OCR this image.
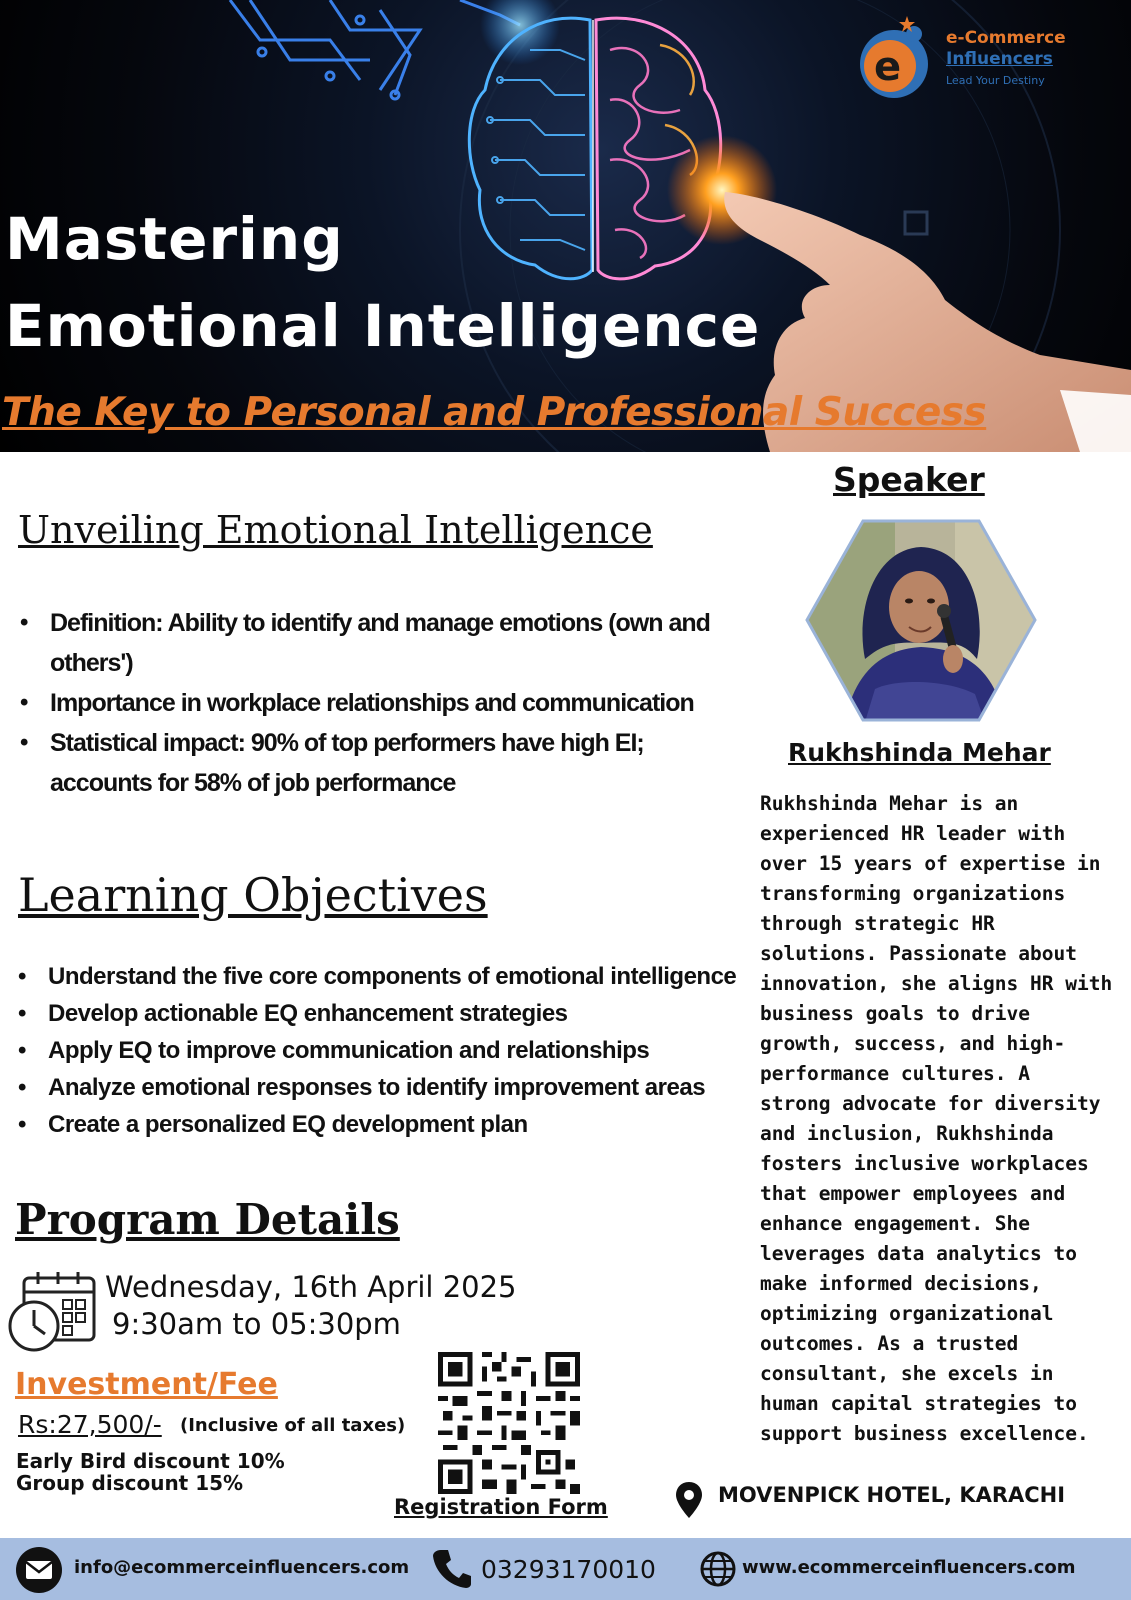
Mastering
Emotional Intelligence
The Key to Personal and Professional Success
e
e-Commerce
Influencers
Lead Your Destiny
Unveiling Emotional Intelligence
• Definition: Ability to identify and manage emotions (own and others')
• Importance in workplace relationships and communication
• Statistical impact: 90% of top performers have high EI; accounts for 58% of job performance
Learning Objectives
• Understand the five core components of emotional intelligence
• Develop actionable EQ enhancement strategies
• Apply EQ to improve communication and relationships
• Analyze emotional responses to identify improvement areas
• Create a personalized EQ development plan
Program Details
Wednesday, 16th April 2025
9:30am to 05:30pm
Investment/Fee
Rs:27,500/- (Inclusive of all taxes)
Early Bird discount 10%
Group discount 15%
Registration Form
Speaker
Rukhshinda Mehar

Rukhshinda Mehar is an
experienced HR leader with
over 15 years of expertise in
transforming organizations
through strategic HR
solutions. Passionate about
innovation, she aligns HR with
business goals to drive
growth, success, and high-
performance cultures. A
strong advocate for diversity
and inclusion, Rukhshinda
fosters inclusive workplaces
that empower employees and
enhance engagement. She
leverages data analytics to
make informed decisions,
optimizing organizational
outcomes. As a trusted
consultant, she excels in
human capital strategies to
support business excellence.

MOVENPICK HOTEL, KARACHI
info@ecommerceinfluencers.com	03293170010	www.ecommerceinfluencers.com
